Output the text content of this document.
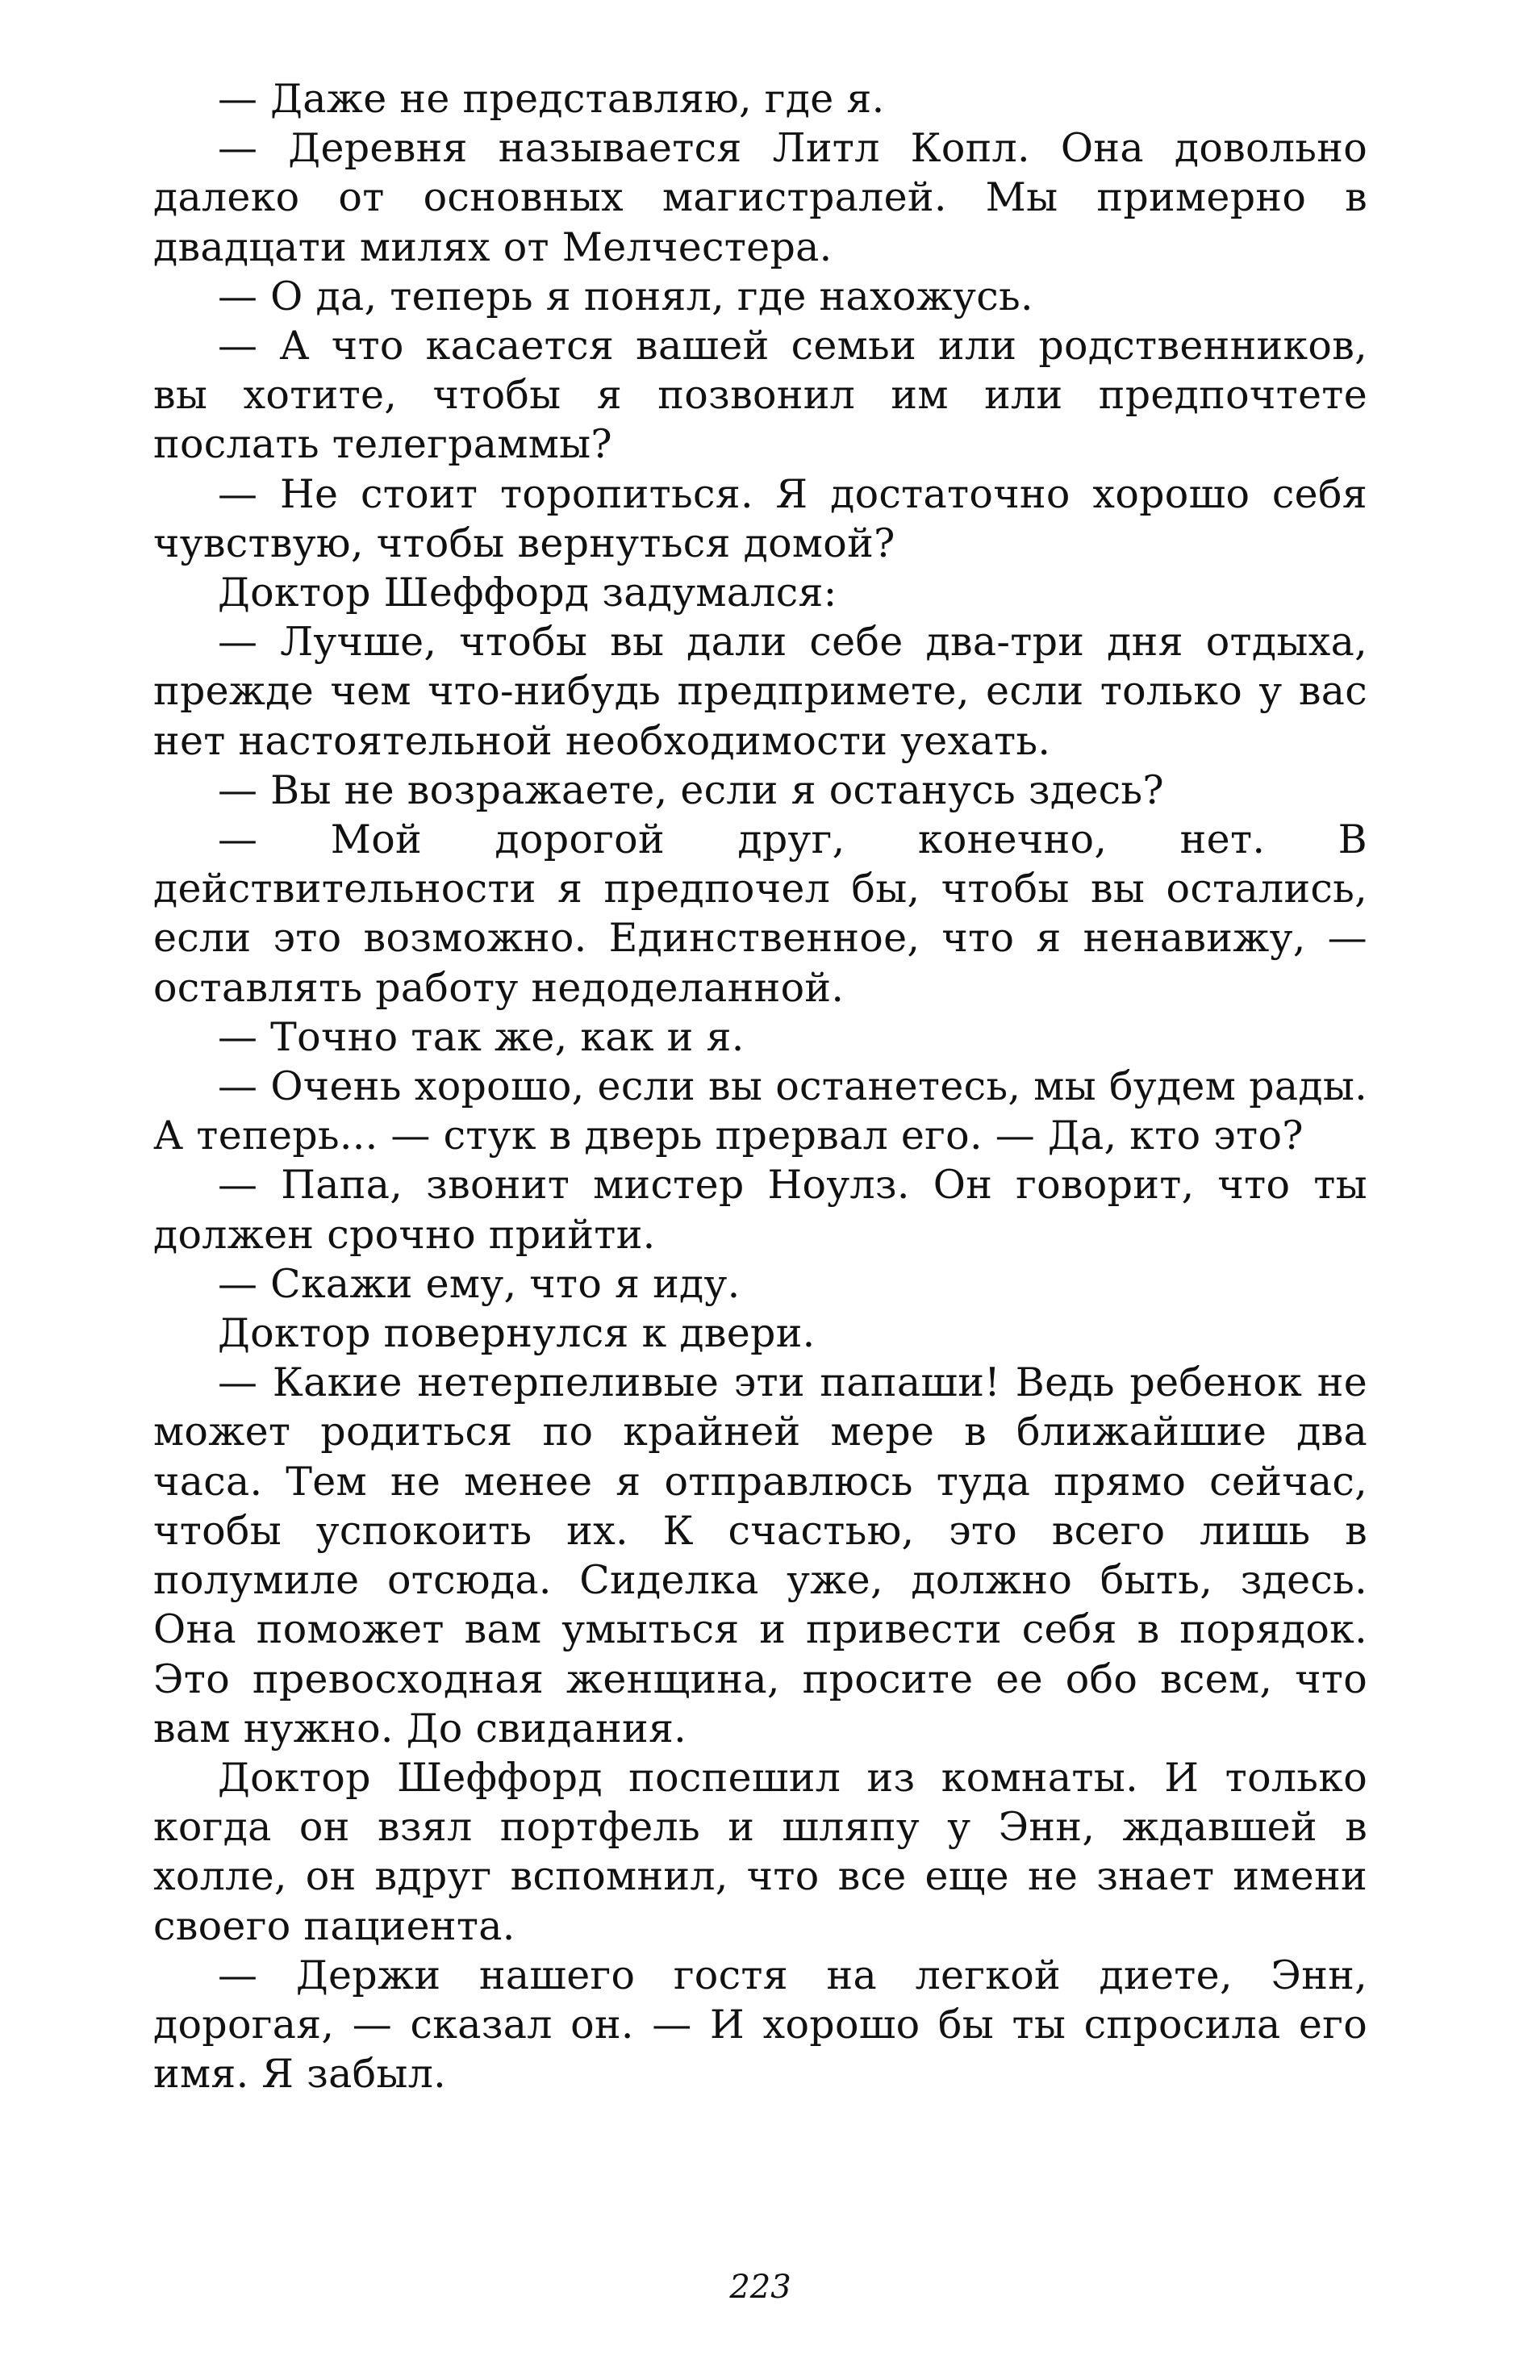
— Даже не представляю, где я.

— Деревня называется Литл Копл. Она довольно далеко от основных магистралей. Мы примерно в двадцати милях от Мелчестера.

— О да, теперь я понял, где нахожусь.

— А что касается вашей семьи или родственников, вы хотите, чтобы я позвонил им или предпочтете послать телеграммы?

— Не стоит торопиться. Я достаточно хорошо себя чувствую, чтобы вернуться домой?

Доктор Шеффорд задумался:

— Лучше, чтобы вы дали себе два-три дня отдыха, прежде чем что-нибудь предпримете, если только у вас нет настоятельной необходимости уехать.

— Вы не возражаете, если я останусь здесь?

— Мой дорогой друг, конечно, нет. В действительности я предпочел бы, чтобы вы остались, если это возможно. Единственное, что я ненавижу, — оставлять работу недоделанной.

— Точно так же, как и я.

— Очень хорошо, если вы останетесь, мы будем рады. А теперь... — стук в дверь прервал его. — Да, кто это?

— Папа, звонит мистер Ноулз. Он говорит, что ты должен срочно прийти.

— Скажи ему, что я иду.

Доктор повернулся к двери.

— Какие нетерпеливые эти папаши! Ведь ребенок не может родиться по крайней мере в ближайшие два часа. Тем не менее я отправлюсь туда прямо сейчас, чтобы успокоить их. К счастью, это всего лишь в полумиле отсюда. Сиделка уже, должно быть, здесь. Она поможет вам умыться и привести себя в порядок. Это превосходная женщина, просите ее обо всем, что вам нужно. До свидания.

Доктор Шеффорд поспешил из комнаты. И только когда он взял портфель и шляпу у Энн, ждавшей в холле, он вдруг вспомнил, что все еще не знает имени своего пациента.

— Держи нашего гостя на легкой диете, Энн, дорогая, — сказал он. — И хорошо бы ты спросила его имя. Я забыл.

223
